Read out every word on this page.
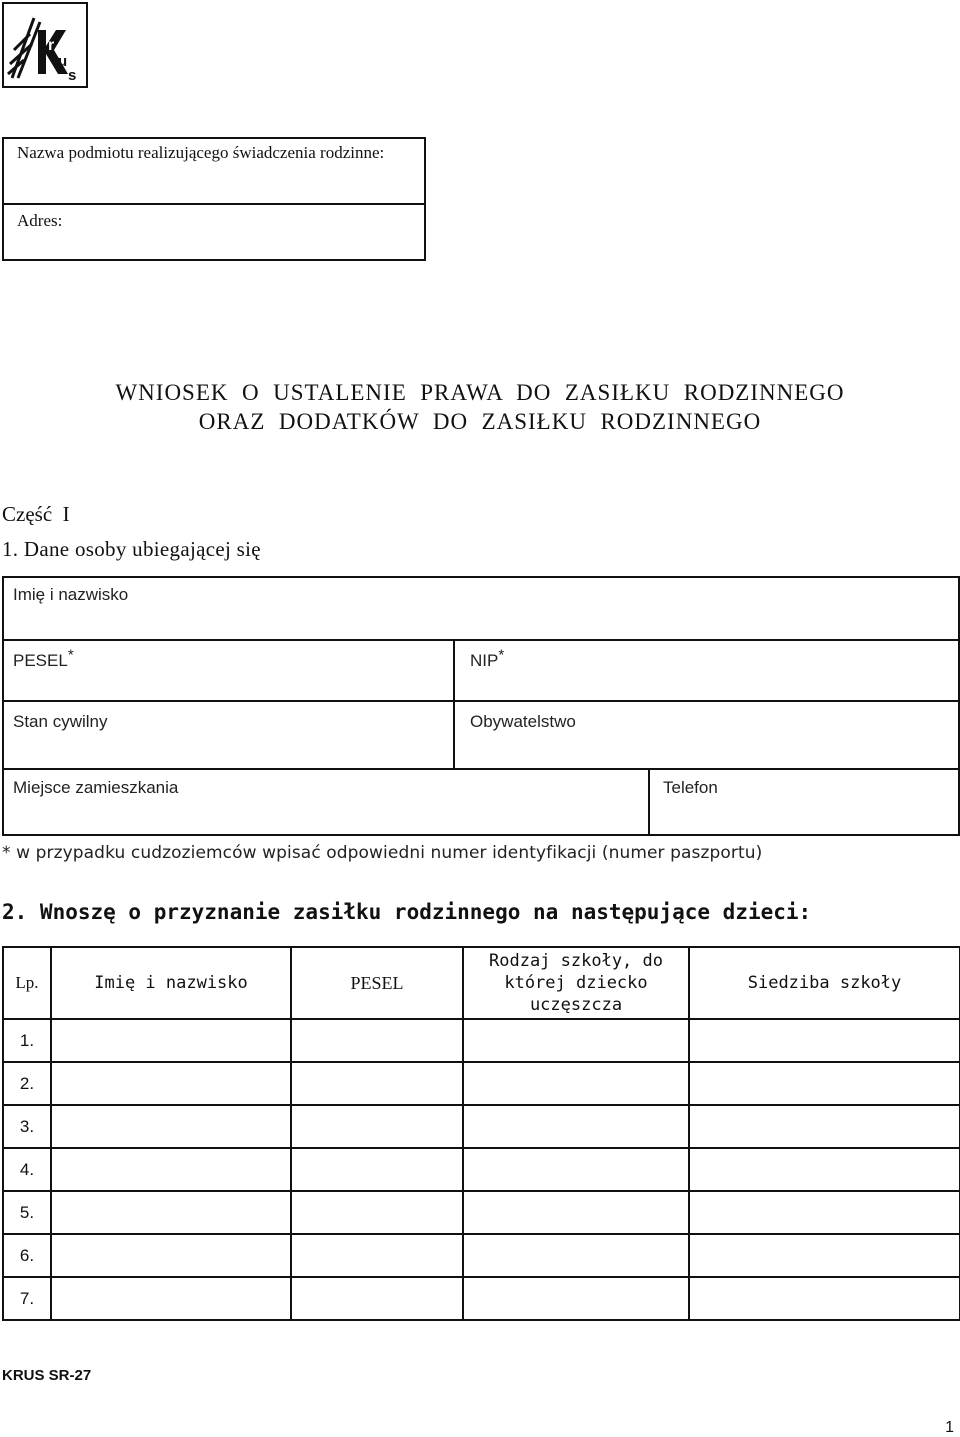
r
u
s
Nazwa podmiotu realizującego świadczenia rodzinne:
Adres:
WNIOSEK  O  USTALENIE  PRAWA  DO  ZASIŁKU  RODZINNEGO
ORAZ  DODATKÓW  DO  ZASIŁKU  RODZINNEGO
Część  I
1. Dane osoby ubiegającej się
Imię i nazwisko
PESEL*	NIP*
Stan cywilny	Obywatelstwo
Miejsce zamieszkania	Telefon
* w przypadku cudzoziemców wpisać odpowiedni numer identyfikacji (numer paszportu)
2. Wnoszę o przyznanie zasiłku rodzinnego na następujące dzieci:
Lp.	Imię i nazwisko	PESEL	Rodzaj szkoły, do której dziecko uczęszcza	Siedziba szkoły
1.				
2.				
3.				
4.				
5.				
6.				
7.				
KRUS SR-27
1
